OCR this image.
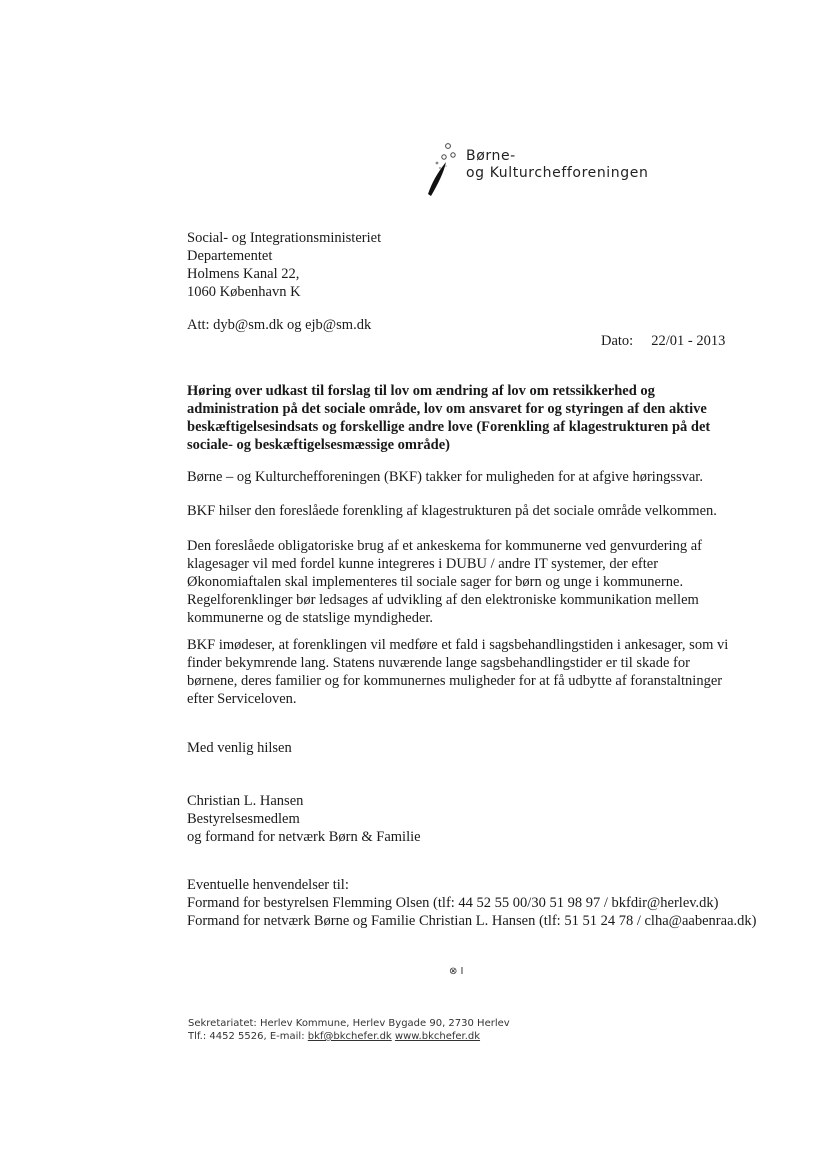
Børne-
og Kulturchefforeningen
Social- og Integrationsministeriet
Departementet
Holmens Kanal 22,
1060 København K
Att: dyb@sm.dk og ejb@sm.dk
Dato: 22/01 - 2013
Høring over udkast til forslag til lov om ændring af lov om retssikkerhed og administration på det sociale område, lov om ansvaret for og styringen af den aktive beskæftigelsesindsats og forskellige andre love (Forenkling af klagestrukturen på det sociale- og beskæftigelsesmæssige område)
Børne – og Kulturchefforeningen (BKF) takker for muligheden for at afgive høringssvar.
BKF hilser den foreslåede forenkling af klagestrukturen på det sociale område velkommen.
Den foreslåede obligatoriske brug af et ankeskema for kommunerne ved genvurdering af klagesager vil med fordel kunne integreres i DUBU / andre IT systemer, der efter Økonomiaftalen skal implementeres til sociale sager for børn og unge i kommunerne. Regelforenklinger bør ledsages af udvikling af den elektroniske kommunikation mellem kommunerne og de statslige myndigheder.
BKF imødeser, at forenklingen vil medføre et fald i sagsbehandlingstiden i ankesager, som vi finder bekymrende lang. Statens nuværende lange sagsbehandlingstider er til skade for børnene, deres familier og for kommunernes muligheder for at få udbytte af foranstaltninger efter Serviceloven.
Med venlig hilsen
Christian L. Hansen
Bestyrelsesmedlem
og formand for netværk Børn & Familie
Eventuelle henvendelser til:
Formand for bestyrelsen Flemming Olsen (tlf: 44 52 55 00/30 51 98 97 / bkfdir@herlev.dk)
Formand for netværk Børne og Familie Christian L. Hansen (tlf: 51 51 24 78 / clha@aabenraa.dk)
⊗ I
Sekretariatet: Herlev Kommune, Herlev Bygade 90, 2730 Herlev
Tlf.: 4452 5526, E-mail: bkf@bkchefer.dk www.bkchefer.dk
